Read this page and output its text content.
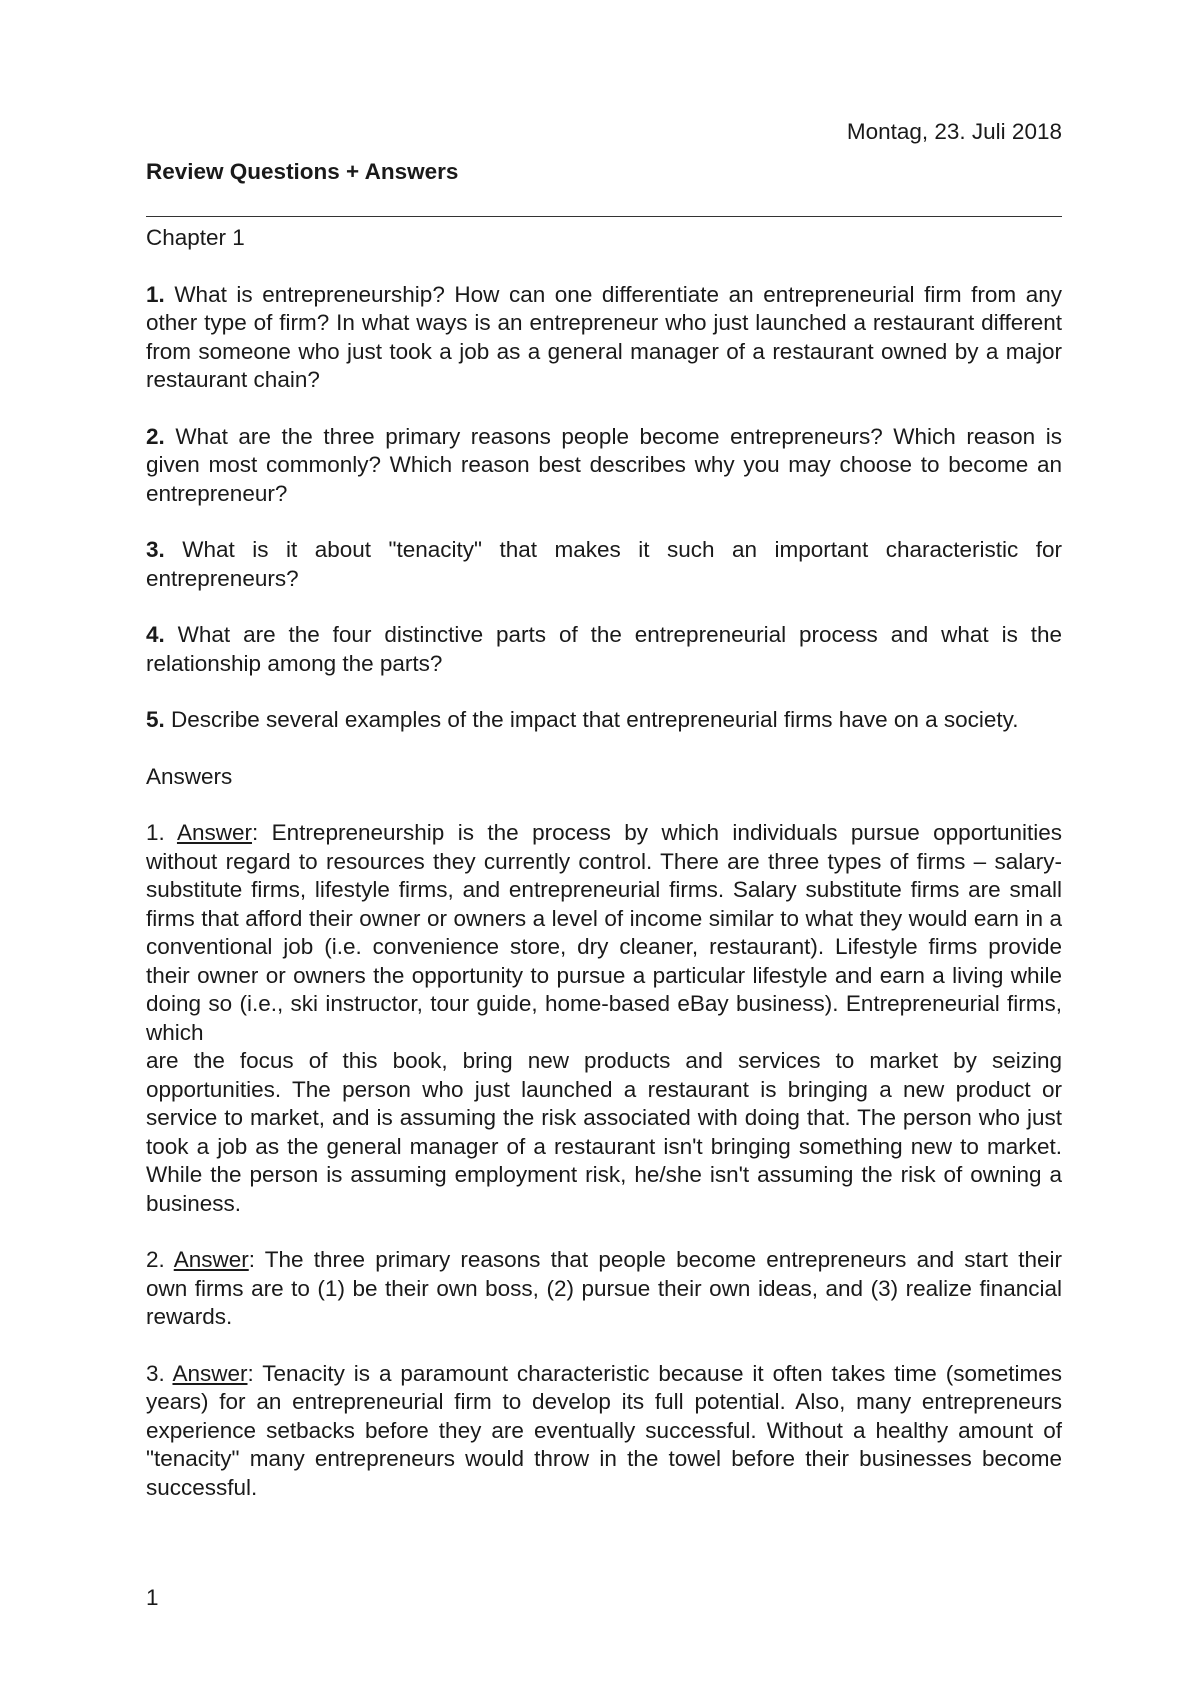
Montag, 23. Juli 2018

Review Questions + Answers

Chapter 1

1. What is entrepreneurship? How can one differentiate an entrepreneurial firm from any other type of firm? In what ways is an entrepreneur who just launched a restaurant different from someone who just took a job as a general manager of a restaurant owned by a major restaurant chain?

2. What are the three primary reasons people become entrepreneurs? Which reason is given most commonly? Which reason best describes why you may choose to become an entrepreneur?

3. What is it about "tenacity" that makes it such an important characteristic for entrepreneurs?

4. What are the four distinctive parts of the entrepreneurial process and what is the relationship among the parts?

5. Describe several examples of the impact that entrepreneurial firms have on a society.

Answers

1. Answer: Entrepreneurship is the process by which individuals pursue opportunities without regard to resources they currently control. There are three types of firms – salary-substitute firms, lifestyle firms, and entrepreneurial firms. Salary substitute firms are small firms that afford their owner or owners a level of income similar to what they would earn in a conventional job (i.e. convenience store, dry cleaner, restaurant). Lifestyle firms provide their owner or owners the opportunity to pursue a particular lifestyle and earn a living while doing so (i.e., ski instructor, tour guide, home-based eBay business). Entrepreneurial firms, which

are the focus of this book, bring new products and services to market by seizing opportunities. The person who just launched a restaurant is bringing a new product or service to market, and is assuming the risk associated with doing that. The person who just took a job as the general manager of a restaurant isn't bringing something new to market. While the person is assuming employment risk, he/she isn't assuming the risk of owning a business.

2. Answer: The three primary reasons that people become entrepreneurs and start their own firms are to (1) be their own boss, (2) pursue their own ideas, and (3) realize financial rewards.

3. Answer: Tenacity is a paramount characteristic because it often takes time (sometimes years) for an entrepreneurial firm to develop its full potential. Also, many entrepreneurs experience setbacks before they are eventually successful. Without a healthy amount of "tenacity" many entrepreneurs would throw in the towel before their businesses become successful.

1
